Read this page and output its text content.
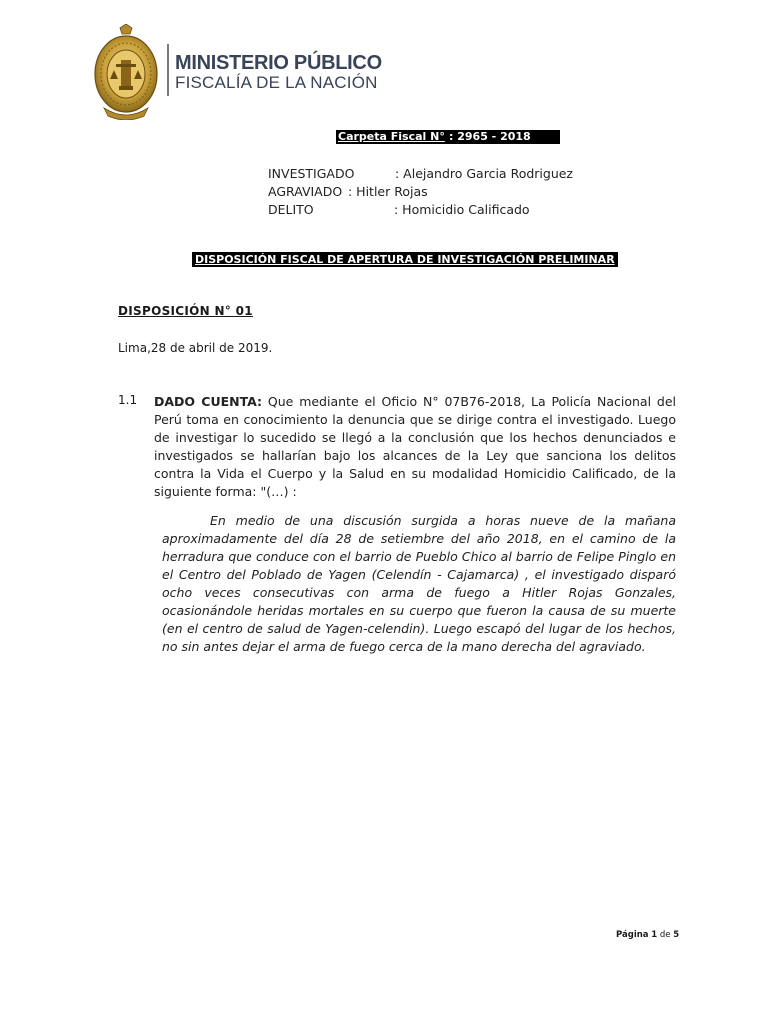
MINISTERIO PÚBLICO
FISCALÍA DE LA NACIÓN
Carpeta Fiscal N° : 2965 - 2018
INVESTIGADO	: Alejandro Garcia Rodriguez
AGRAVIADO : Hitler Rojas
DELITO	: Homicidio Calificado
DISPOSICIÓN FISCAL DE APERTURA DE INVESTIGACIÓN PRELIMINAR
DISPOSICIÓN N° 01
Lima,28 de abril de 2019.
1.1 DADO CUENTA: Que mediante el Oficio N° 07B76-2018, La Policía Nacional del Perú toma en conocimiento la denuncia que se dirige contra el investigado. Luego de investigar lo sucedido se llegó a la conclusión que los hechos denunciados e investigados se hallarían bajo los alcances de la Ley que sanciona los delitos contra la Vida el Cuerpo y la Salud en su modalidad Homicidio Calificado, de la siguiente forma: "(…) :
En medio de una discusión surgida a horas nueve de la mañana aproximadamente del día 28 de setiembre del año 2018, en el camino de la herradura que conduce con el barrio de Pueblo Chico al barrio de Felipe Pinglo en el Centro del Poblado de Yagen (Celendín - Cajamarca) , el investigado disparó ocho veces consecutivas con arma de fuego a Hitler Rojas Gonzales, ocasionándole heridas mortales en su cuerpo que fueron la causa de su muerte (en el centro de salud de Yagen-celendin). Luego escapó del lugar de los hechos, no sin antes dejar el arma de fuego cerca de la mano derecha del agraviado.
Página 1 de 5
